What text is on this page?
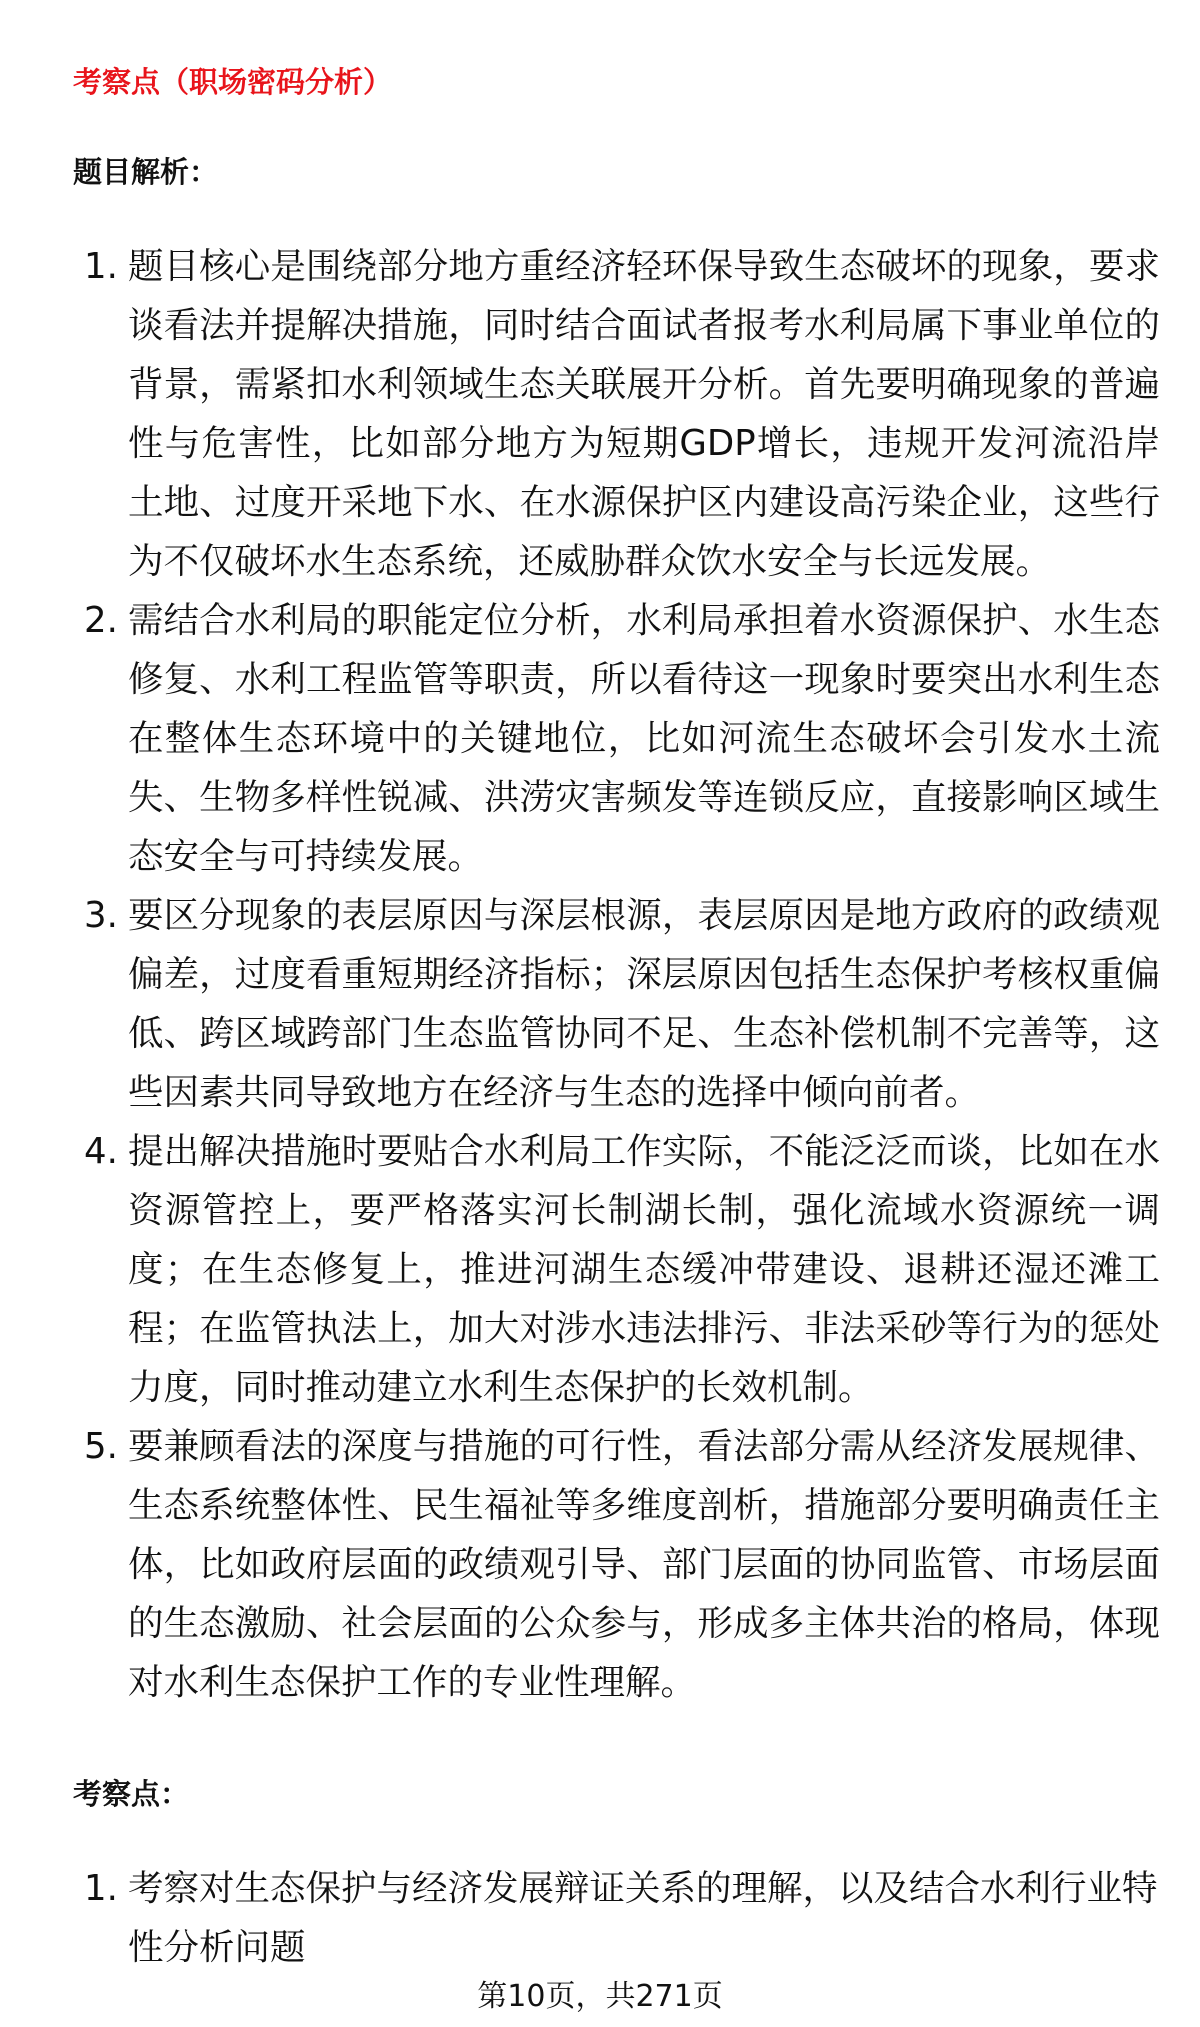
考察点（职场密码分析）
题目解析：
1. 题目核心是围绕部分地方重经济轻环保导致生态破坏的现象，要求谈看法并提解决措施，同时结合面试者报考水利局属下事业单位的背景，需紧扣水利领域生态关联展开分析。首先要明确现象的普遍性与危害性，比如部分地方为短期GDP增长，违规开发河流沿岸土地、过度开采地下水、在水源保护区内建设高污染企业，这些行为不仅破坏水生态系统，还威胁群众饮水安全与长远发展。
2. 需结合水利局的职能定位分析，水利局承担着水资源保护、水生态修复、水利工程监管等职责，所以看待这一现象时要突出水利生态在整体生态环境中的关键地位，比如河流生态破坏会引发水土流失、生物多样性锐减、洪涝灾害频发等连锁反应，直接影响区域生态安全与可持续发展。
3. 要区分现象的表层原因与深层根源，表层原因是地方政府的政绩观偏差，过度看重短期经济指标；深层原因包括生态保护考核权重偏低、跨区域跨部门生态监管协同不足、生态补偿机制不完善等，这些因素共同导致地方在经济与生态的选择中倾向前者。
4. 提出解决措施时要贴合水利局工作实际，不能泛泛而谈，比如在水资源管控上，要严格落实河长制湖长制，强化流域水资源统一调度；在生态修复上，推进河湖生态缓冲带建设、退耕还湿还滩工程；在监管执法上，加大对涉水违法排污、非法采砂等行为的惩处力度，同时推动建立水利生态保护的长效机制。
5. 要兼顾看法的深度与措施的可行性，看法部分需从经济发展规律、生态系统整体性、民生福祉等多维度剖析，措施部分要明确责任主体，比如政府层面的政绩观引导、部门层面的协同监管、市场层面的生态激励、社会层面的公众参与，形成多主体共治的格局，体现对水利生态保护工作的专业性理解。
考察点：
1. 考察对生态保护与经济发展辩证关系的理解，以及结合水利行业特性分析问题
第10页，共271页
